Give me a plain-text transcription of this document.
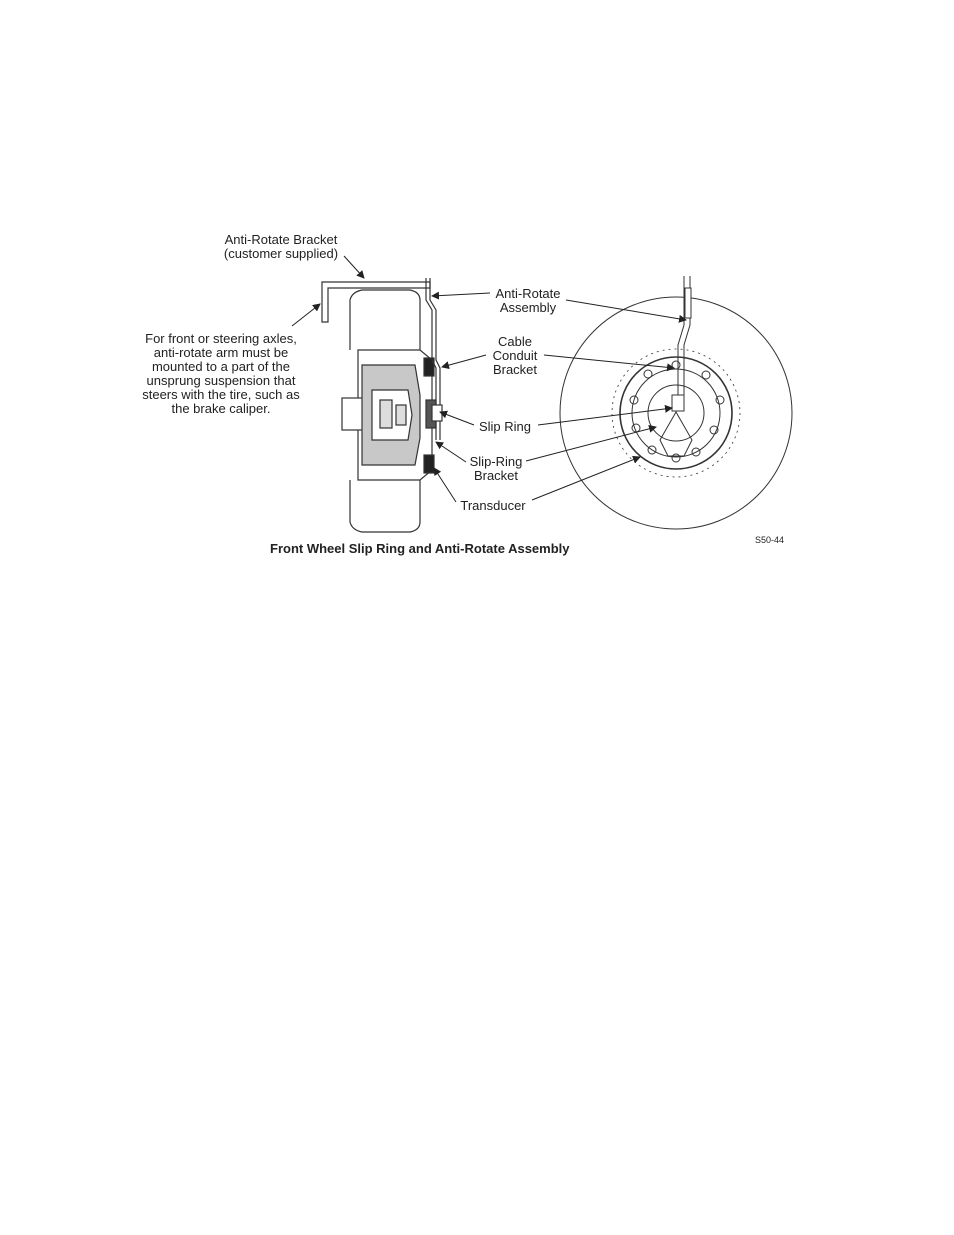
Anti-Rotate Bracket
(customer supplied)
For front or steering axles,
anti-rotate arm must be
mounted to a part of the
unsprung suspension that
steers with the tire, such as
the brake caliper.
Anti-Rotate
Assembly
Cable
Conduit
Bracket
Slip Ring
Slip-Ring
Bracket
Transducer
S50-44
Front Wheel Slip Ring and Anti-Rotate Assembly
